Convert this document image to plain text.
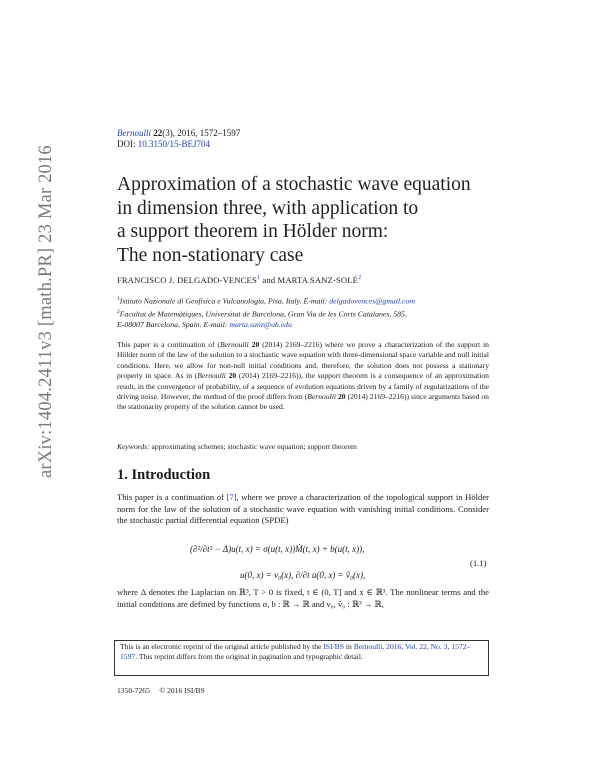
arXiv:1404.2411v3 [math.PR] 23 Mar 2016
Bernoulli 22(3), 2016, 1572–1597
DOI: 10.3150/15-BEJ704
Approximation of a stochastic wave equation
in dimension three, with application to
a support theorem in Hölder norm:
The non-stationary case
FRANCISCO J. DELGADO-VENCES$^1$ and MARTA SANZ-SOLÉ$^2$
$^1$Istituto Nazionale di Geofisica e Vulcanologia, Pisa, Italy. E-mail: delgadovences@gmail.com
$^2$Facultat de Matemàtiques, Universitat de Barcelona, Gran Via de les Corts Catalanes, 585,
E-08007 Barcelona, Spain. E-mail: marta.sanz@ub.edu
This paper is a continuation of (Bernoulli 20 (2014) 2169–2216) where we prove a characterization of the support in Hölder norm of the law of the solution to a stochastic wave equation with three-dimensional space variable and null initial conditions. Here, we allow for non-null initial conditions and, therefore, the solution does not possess a stationary property in space. As in (Bernoulli 20 (2014) 2169–2216)), the support theorem is a consequence of an approximation result, in the convergence of probability, of a sequence of evolution equations driven by a family of regularizations of the driving noise. However, the method of the proof differs from (Bernoulli 20 (2014) 2169–2216)) since arguments based on the stationarity property of the solution cannot be used.
Keywords: approximating schemes; stochastic wave equation; support theorem
1. Introduction
This paper is a continuation of [7], where we prove a characterization of the topological support in Hölder norm for the law of the solution of a stochastic wave equation with vanishing initial conditions. Consider the stochastic partial differential equation (SPDE)
(∂²/∂t² − Δ)u(t, x) = σ(u(t, x))Ṁ(t, x) + b(u(t, x)),
u(0, x) = v₀(x), ∂/∂t u(0, x) = ṽ₀(x),
(1.1)
where Δ denotes the Laplacian on ℝ³, T > 0 is fixed, t ∈ (0, T] and x ∈ ℝ³. The nonlinear terms and the initial conditions are defined by functions σ, b : ℝ → ℝ and v₀, ṽ₀ : ℝ³ → ℝ,
This is an electronic reprint of the original article published by the ISI/BS in Bernoulli, 2016, Vol. 22, No. 3, 1572–1597. This reprint differs from the original in pagination and typographic detail.
1350-7265 © 2016 ISI/BS
